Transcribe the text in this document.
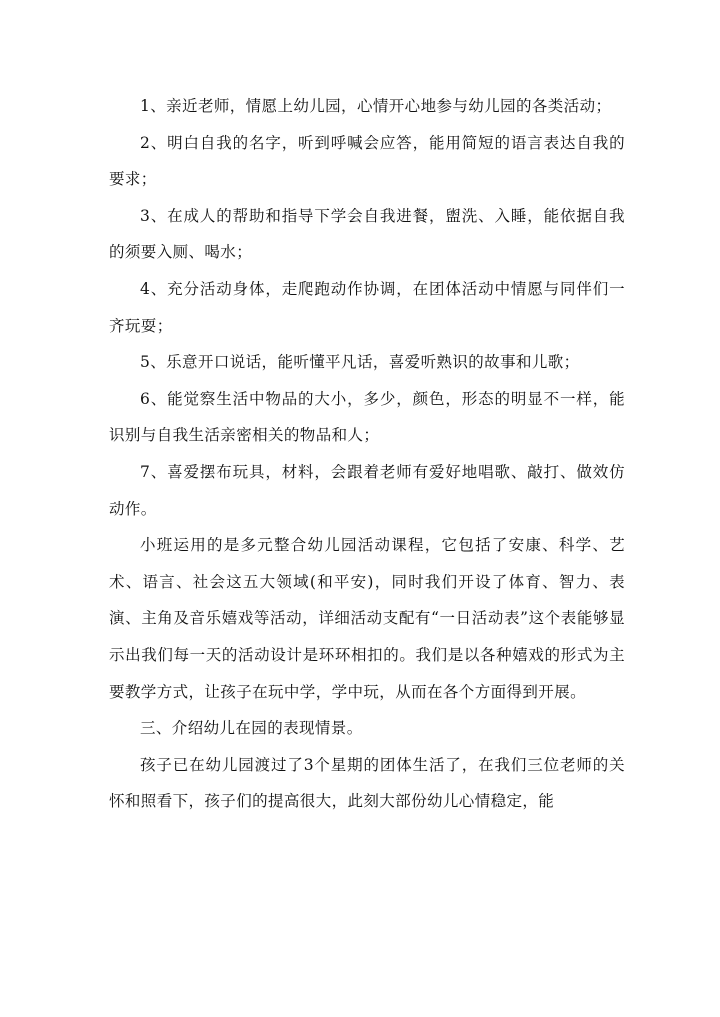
1、亲近老师，情愿上幼儿园，心情开心地参与幼儿园的各类活动；

2、明白自我的名字，听到呼喊会应答，能用简短的语言表达自我的要求；

3、在成人的帮助和指导下学会自我进餐，盥洗、入睡，能依据自我的须要入厕、喝水；

4、充分活动身体，走爬跑动作协调，在团体活动中情愿与同伴们一齐玩耍；

5、乐意开口说话，能听懂平凡话，喜爱听熟识的故事和儿歌；

6、能觉察生活中物品的大小，多少，颜色，形态的明显不一样，能识别与自我生活亲密相关的物品和人；

7、喜爱摆布玩具，材料，会跟着老师有爱好地唱歌、敲打、做效仿动作。

小班运用的是多元整合幼儿园活动课程，它包括了安康、科学、艺术、语言、社会这五大领域(和平安)，同时我们开设了体育、智力、表演、主角及音乐嬉戏等活动，详细活动支配有“一日活动表”这个表能够显示出我们每一天的活动设计是环环相扣的。我们是以各种嬉戏的形式为主要教学方式，让孩子在玩中学，学中玩，从而在各个方面得到开展。

三、介绍幼儿在园的表现情景。

孩子已在幼儿园渡过了3个星期的团体生活了，在我们三位老师的关怀和照看下，孩子们的提高很大，此刻大部份幼儿心情稳定，能
